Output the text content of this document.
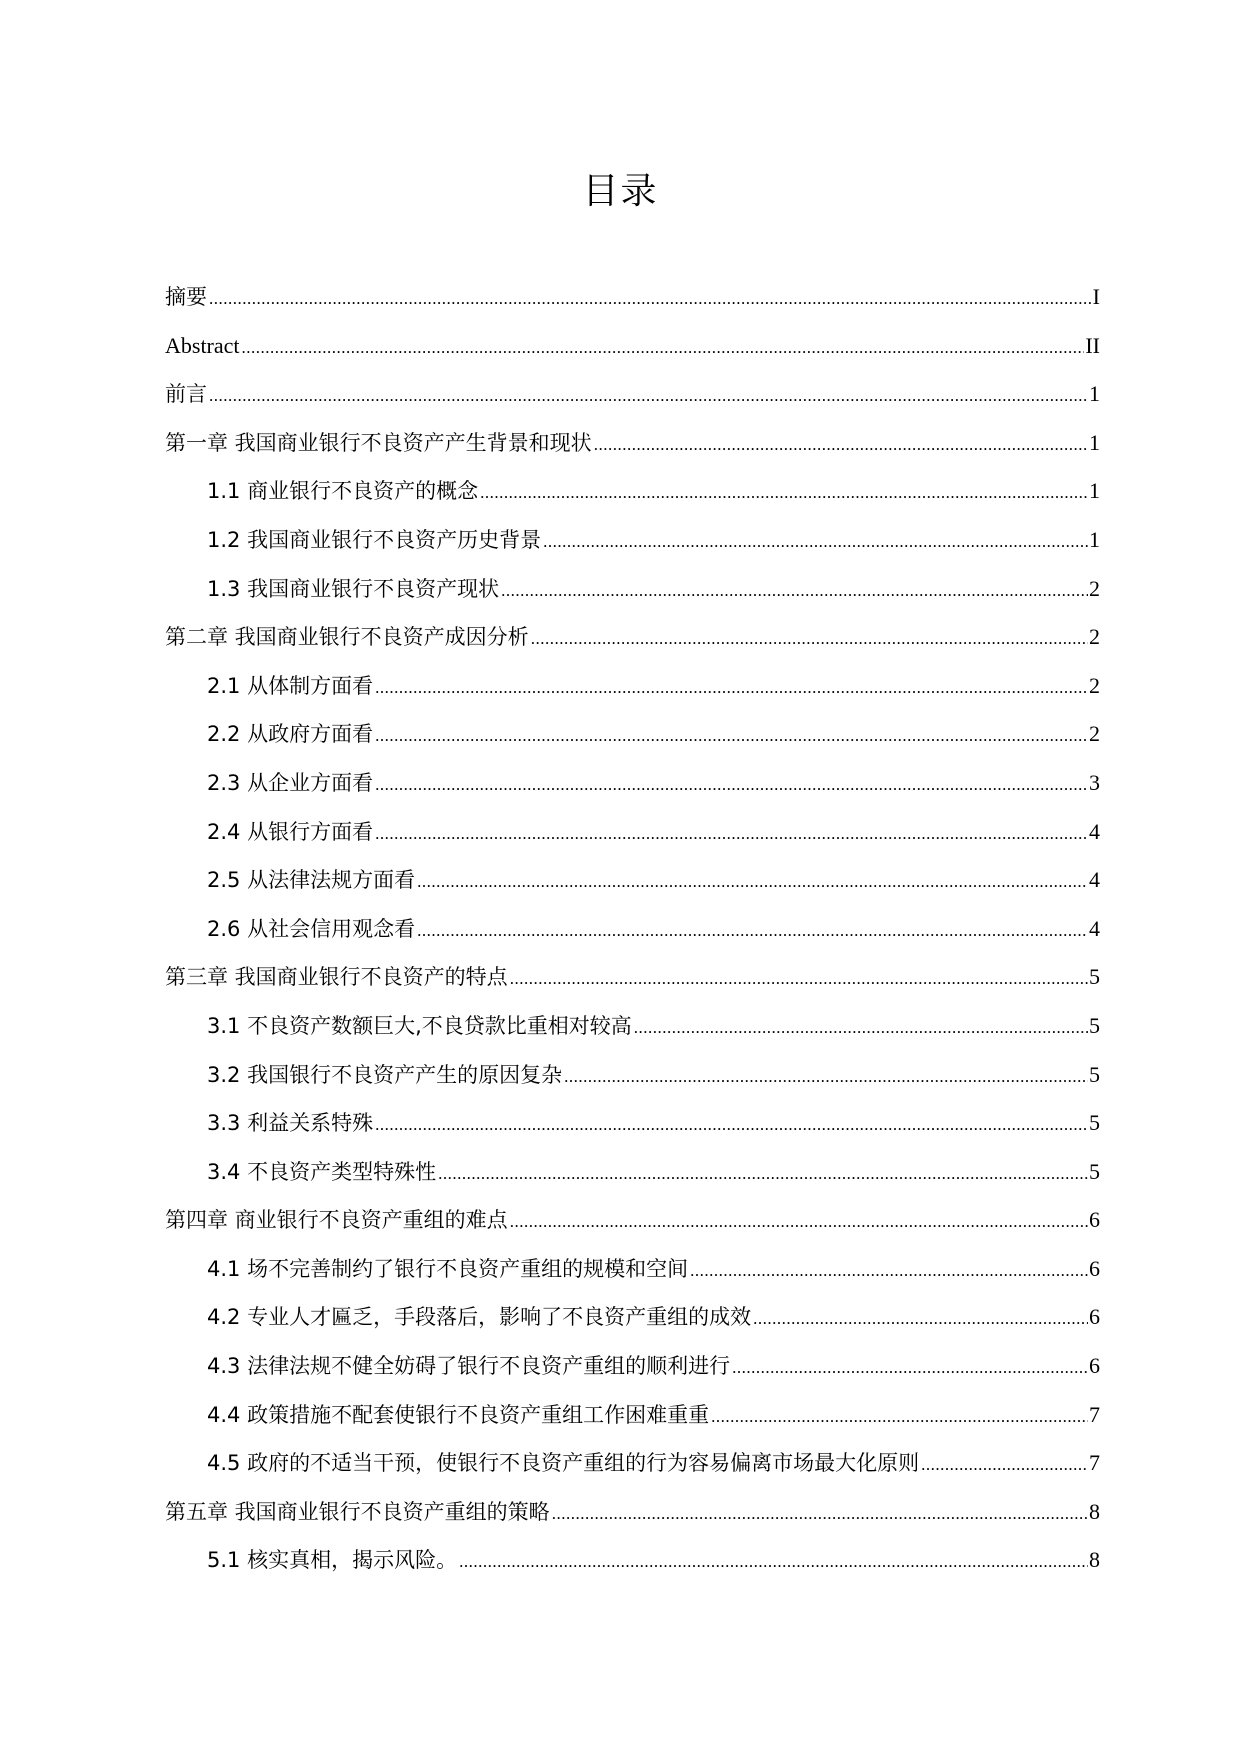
目录
摘要 .....	I
Abstract .....	II
前言 .....	1
第一章 我国商业银行不良资产产生背景和现状 .....	1
1.1 商业银行不良资产的概念 .....	1
1.2 我国商业银行不良资产历史背景 .....	1
1.3 我国商业银行不良资产现状 .....	2
第二章 我国商业银行不良资产成因分析 .....	2
2.1 从体制方面看 .....	2
2.2 从政府方面看 .....	2
2.3 从企业方面看 .....	3
2.4 从银行方面看 .....	4
2.5 从法律法规方面看 .....	4
2.6 从社会信用观念看 .....	4
第三章 我国商业银行不良资产的特点 .....	5
3.1 不良资产数额巨大,不良贷款比重相对较高 .....	5
3.2 我国银行不良资产产生的原因复杂 .....	5
3.3 利益关系特殊 .....	5
3.4 不良资产类型特殊性 .....	5
第四章 商业银行不良资产重组的难点 .....	6
4.1 场不完善制约了银行不良资产重组的规模和空间 .....	6
4.2 专业人才匾乏，手段落后，影响了不良资产重组的成效 .....	6
4.3 法律法规不健全妨碍了银行不良资产重组的顺利进行 .....	6
4.4 政策措施不配套使银行不良资产重组工作困难重重 .....	7
4.5 政府的不适当干预，使银行不良资产重组的行为容易偏离市场最大化原则 .....	7
第五章 我国商业银行不良资产重组的策略 .....	8
5.1 核实真相，揭示风险。 .....	8
